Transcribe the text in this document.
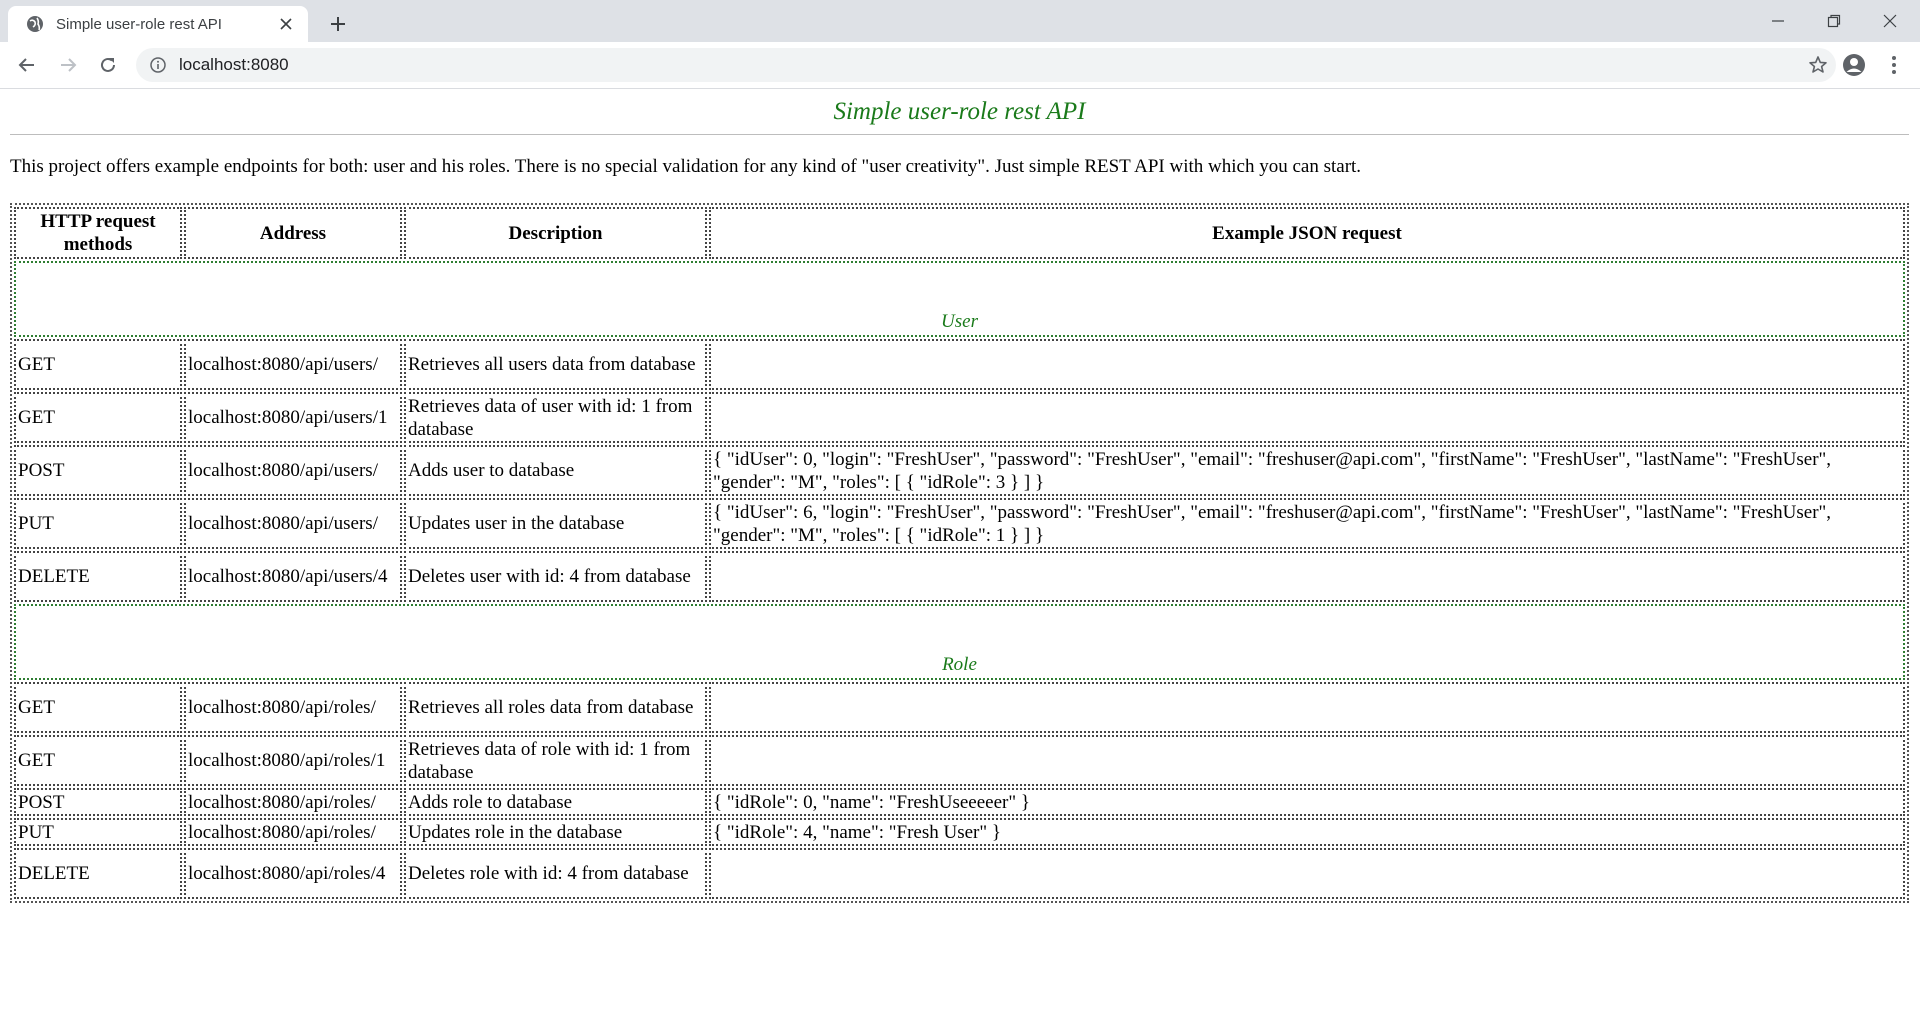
Simple user-role rest API
localhost:8080
Simple user-role rest API

This project offers example endpoints for both: user and his roles. There is no special validation for any kind of "user creativity". Just simple REST API with which you can start.

HTTP request methods	Address	Description	Example JSON request
User			
GET	localhost:8080/api/users/	Retrieves all users data from database	
GET	localhost:8080/api/users/1	Retrieves data of user with id: 1 from database	
POST	localhost:8080/api/users/	Adds user to database	{ "idUser": 0, "login": "FreshUser", "password": "FreshUser", "email": "freshuser@api.com", "firstName": "FreshUser", "lastName": "FreshUser", "gender": "M", "roles": [ { "idRole": 3 } ] }
PUT	localhost:8080/api/users/	Updates user in the database	{ "idUser": 6, "login": "FreshUser", "password": "FreshUser", "email": "freshuser@api.com", "firstName": "FreshUser", "lastName": "FreshUser", "gender": "M", "roles": [ { "idRole": 1 } ] }
DELETE	localhost:8080/api/users/4	Deletes user with id: 4 from database	
Role			
GET	localhost:8080/api/roles/	Retrieves all roles data from database	
GET	localhost:8080/api/roles/1	Retrieves data of role with id: 1 from database	
POST	localhost:8080/api/roles/	Adds role to database	{ "idRole": 0, "name": "FreshUseeeeer" }
PUT	localhost:8080/api/roles/	Updates role in the database	{ "idRole": 4, "name": "Fresh User" }
DELETE	localhost:8080/api/roles/4	Deletes role with id: 4 from database	
